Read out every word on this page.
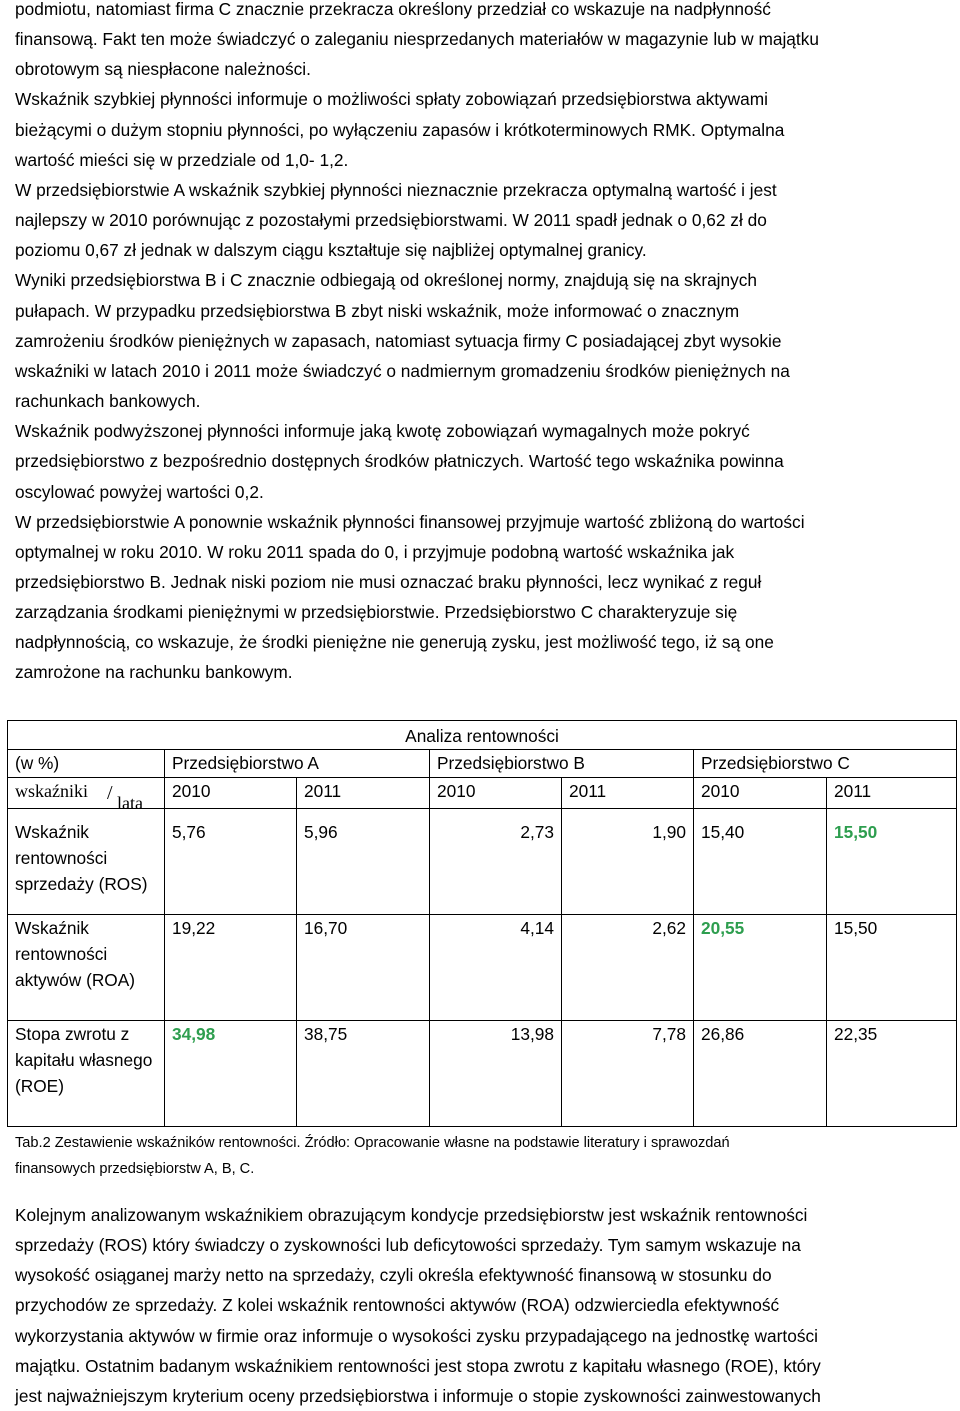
podmiotu, natomiast firma C znacznie przekracza określony przedział co wskazuje na nadpłynność
finansową. Fakt ten może świadczyć o zaleganiu niesprzedanych materiałów w magazynie lub w majątku
obrotowym są niespłacone należności.

Wskaźnik szybkiej płynności informuje o możliwości spłaty zobowiązań przedsiębiorstwa aktywami
bieżącymi o dużym stopniu płynności, po wyłączeniu zapasów i krótkoterminowych RMK. Optymalna
wartość mieści się w przedziale od 1,0- 1,2.

W przedsiębiorstwie A wskaźnik szybkiej płynności nieznacznie przekracza optymalną wartość i jest
najlepszy w 2010 porównując z pozostałymi przedsiębiorstwami. W 2011 spadł jednak o 0,62 zł do
poziomu 0,67 zł jednak w dalszym ciągu kształtuje się najbliżej optymalnej granicy.

Wyniki przedsiębiorstwa B i C znacznie odbiegają od określonej normy, znajdują się na skrajnych
pułapach. W przypadku przedsiębiorstwa B zbyt niski wskaźnik, może informować o znacznym
zamrożeniu środków pieniężnych w zapasach, natomiast sytuacja firmy C posiadającej zbyt wysokie
wskaźniki w latach 2010 i 2011 może świadczyć o nadmiernym gromadzeniu środków pieniężnych na
rachunkach bankowych.

Wskaźnik podwyższonej płynności informuje jaką kwotę zobowiązań wymagalnych może pokryć
przedsiębiorstwo z bezpośrednio dostępnych środków płatniczych. Wartość tego wskaźnika powinna
oscylować powyżej wartości 0,2.

W przedsiębiorstwie A ponownie wskaźnik płynności finansowej przyjmuje wartość zbliżoną do wartości
optymalnej w roku 2010. W roku 2011 spada do 0, i przyjmuje podobną wartość wskaźnika jak
przedsiębiorstwo B. Jednak niski poziom nie musi oznaczać braku płynności, lecz wynikać z reguł
zarządzania środkami pieniężnymi w przedsiębiorstwie. Przedsiębiorstwo C charakteryzuje się
nadpłynnością, co wskazuje, że środki pieniężne nie generują zysku, jest możliwość tego, iż są one
zamrożone na rachunku bankowym.

Analiza rentowności						
(w %)	Przedsiębiorstwo A		Przedsiębiorstwo B		Przedsiębiorstwo C	

wskaźniki / lata	2010	2011	2010	2011	2010	2011
Wskaźnik rentowności sprzedaży (ROS)	5,76	5,96	2,73	1,90	15,40	15,50
Wskaźnik rentowności aktywów (ROA)	19,22	16,70	4,14	2,62	20,55	15,50
Stopa zwrotu z kapitału własnego (ROE)	34,98	38,75	13,98	7,78	26,86	22,35
Tab.2 Zestawienie wskaźników rentowności. Źródło: Opracowanie własne na podstawie literatury i sprawozdań
finansowych przedsiębiorstw A, B, C.

Kolejnym analizowanym wskaźnikiem obrazującym kondycje przedsiębiorstw jest wskaźnik rentowności
sprzedaży (ROS) który świadczy o zyskowności lub deficytowości sprzedaży. Tym samym wskazuje na
wysokość osiąganej marży netto na sprzedaży, czyli określa efektywność finansową w stosunku do
przychodów ze sprzedaży. Z kolei wskaźnik rentowności aktywów (ROA) odzwierciedla efektywność
wykorzystania aktywów w firmie oraz informuje o wysokości zysku przypadającego na jednostkę wartości
majątku. Ostatnim badanym wskaźnikiem rentowności jest stopa zwrotu z kapitału własnego (ROE), który
jest najważniejszym kryterium oceny przedsiębiorstwa i informuje o stopie zyskowności zainwestowanych
